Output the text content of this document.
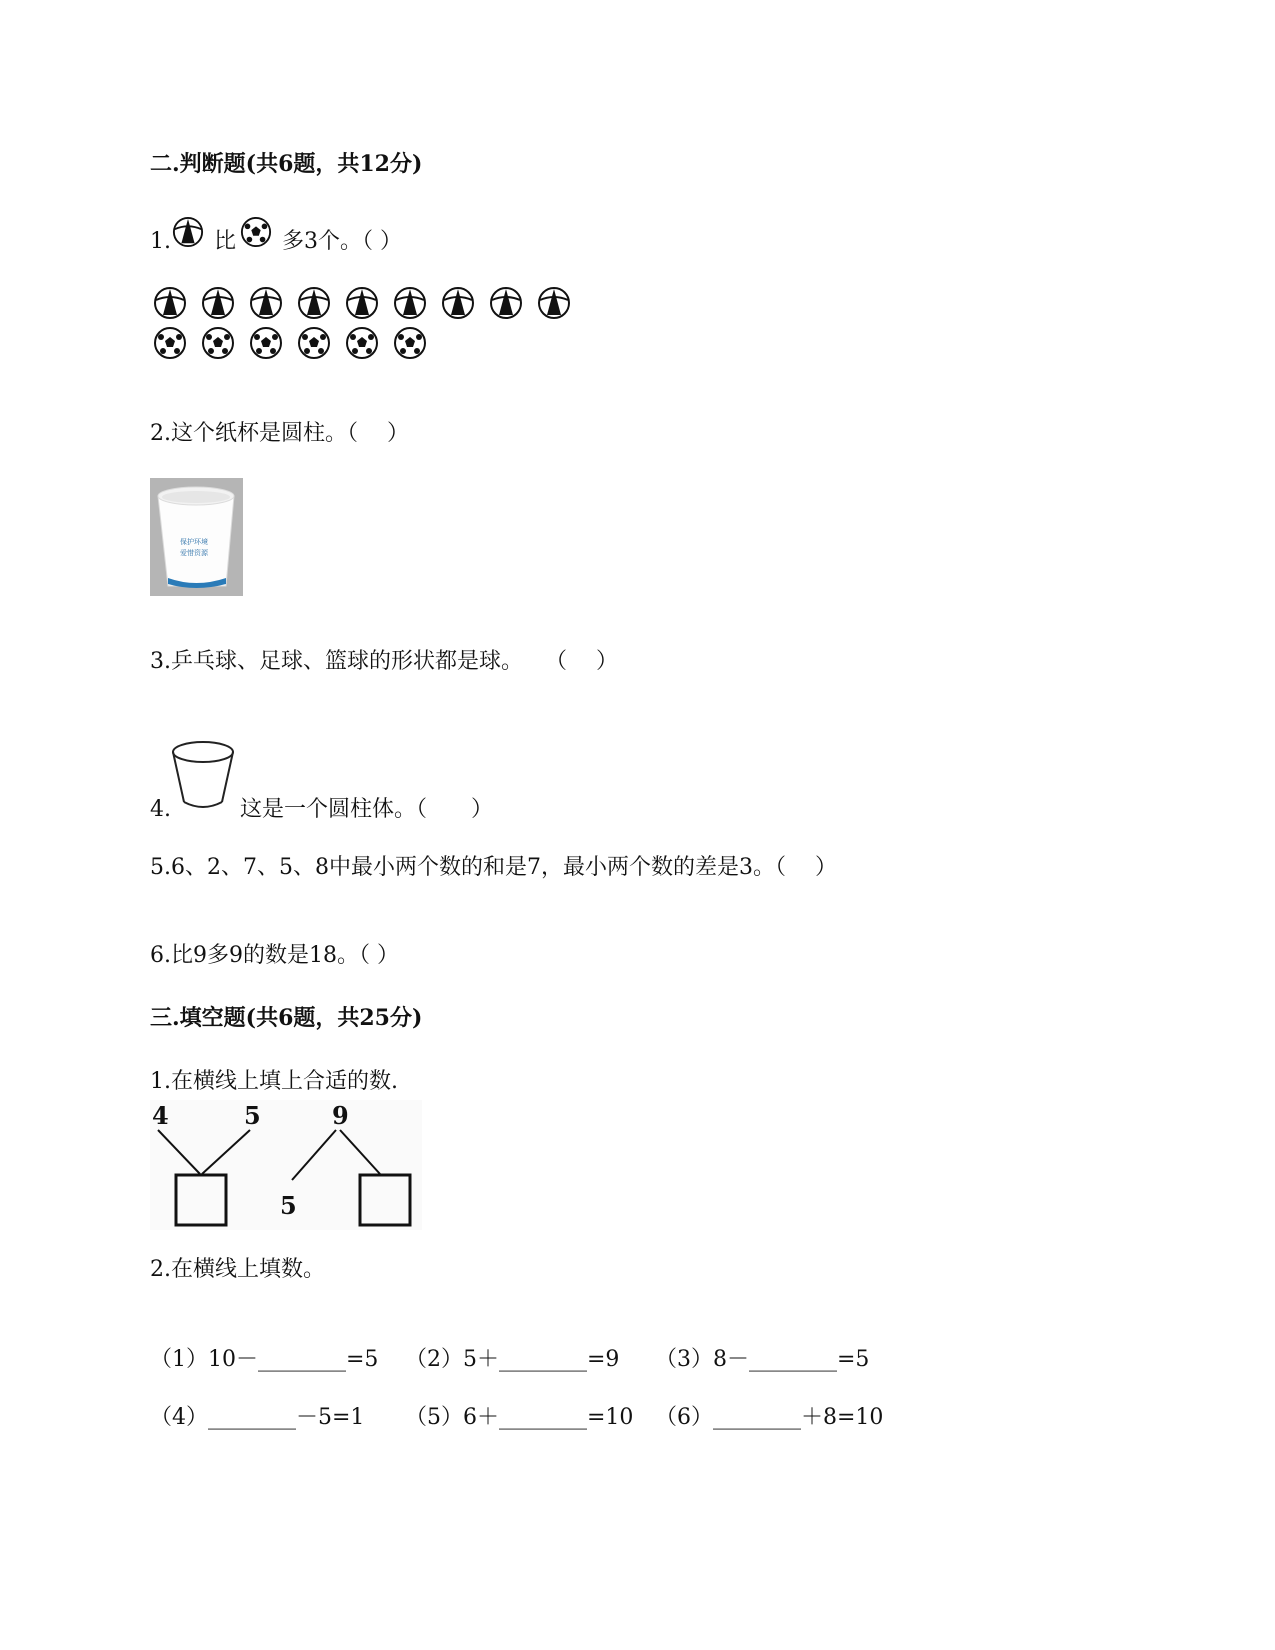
二.判断题(共6题，共12分)
1. 比 多3个。（ ）
2.这个纸杯是圆柱。（　 ）
保护环境
爱惜资源
3.乒乓球、足球、篮球的形状都是球。　　（　 ）
4.	这是一个圆柱体。（　　）
5.6、2、7、5、8中最小两个数的和是7，最小两个数的差是3。（　 ）
6.比9多9的数是18。（ ）
三.填空题(共6题，共25分)
1.在横线上填上合适的数.
4	5	9
5
2.在横线上填数。
（1）10－________=5 （2）5＋________=9 （3）8－________=5
（4）________－5=1 （5）6＋________=10 （6）________＋8=10
